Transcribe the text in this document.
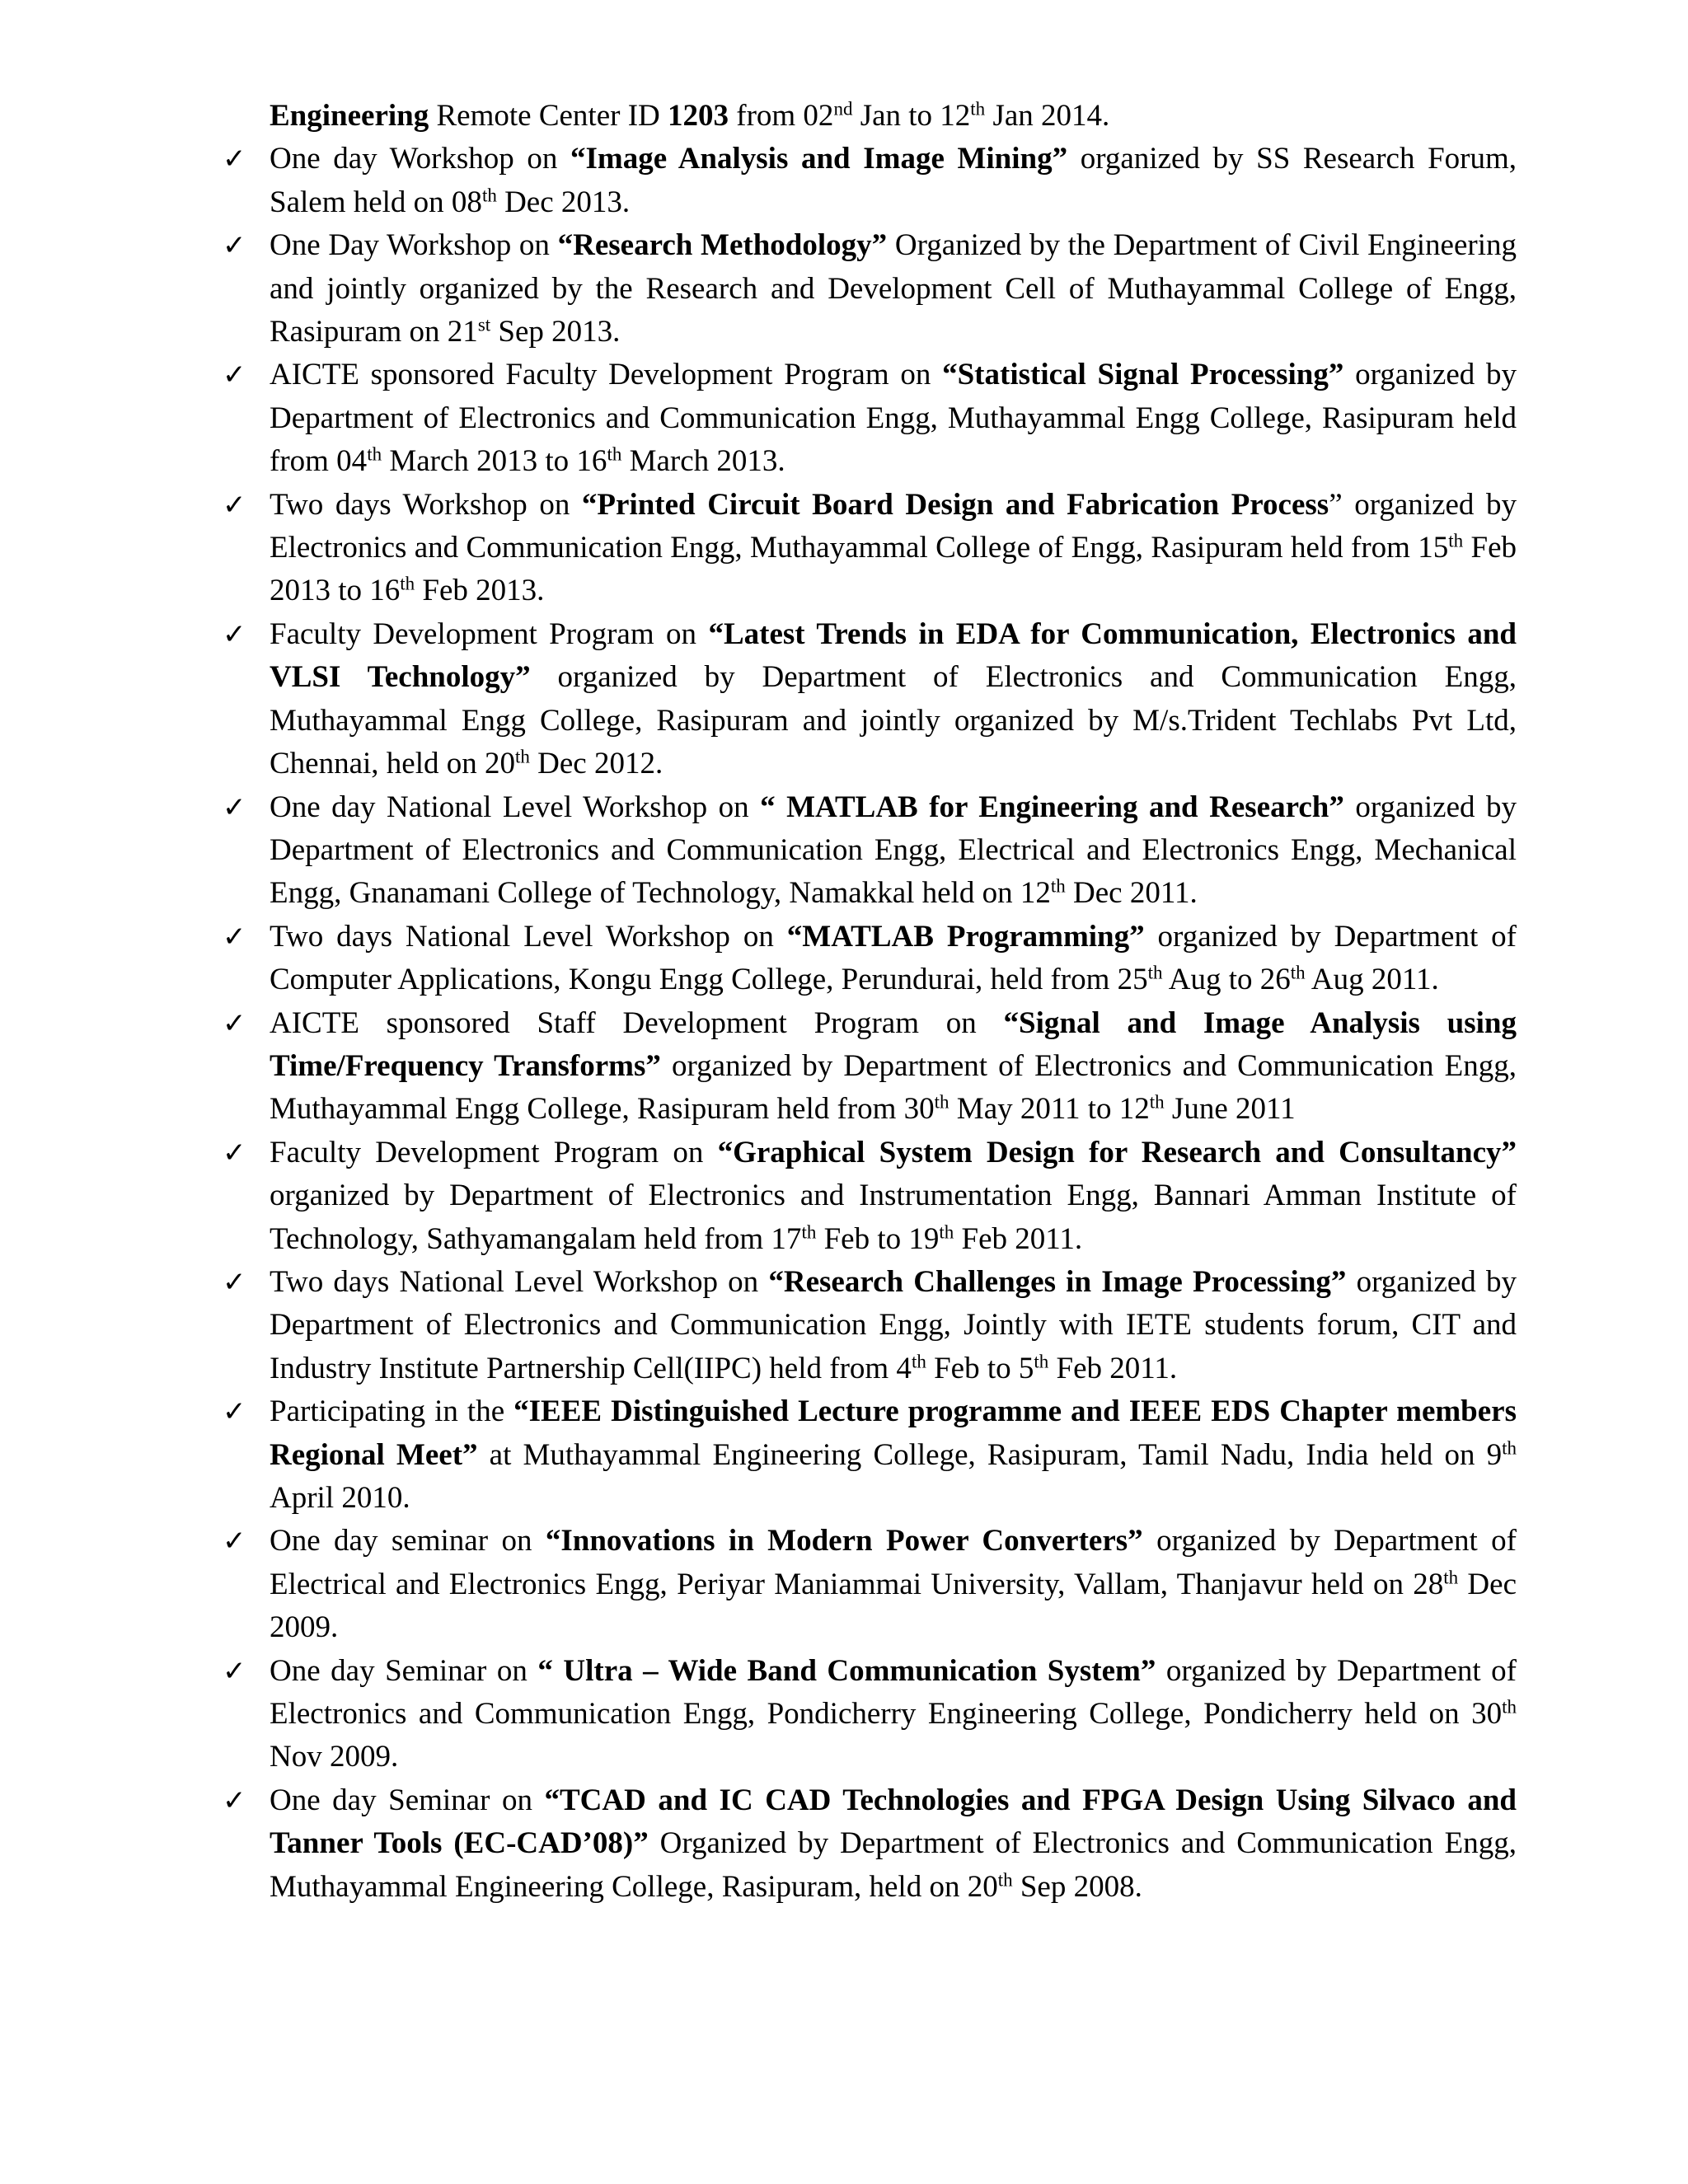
Engineering Remote Center ID 1203 from 02nd Jan to 12th Jan 2014.

✓ One day Workshop on “Image Analysis and Image Mining” organized by SS Research Forum, Salem held on 08th Dec 2013.

✓ One Day Workshop on “Research Methodology” Organized by the Department of Civil Engineering and jointly organized by the Research and Development Cell of Muthayammal College of Engg, Rasipuram on 21st Sep 2013.

✓ AICTE sponsored Faculty Development Program on “Statistical Signal Processing” organized by Department of Electronics and Communication Engg, Muthayammal Engg College, Rasipuram held from 04th March 2013 to 16th March 2013.

✓ Two days Workshop on “Printed Circuit Board Design and Fabrication Process” organized by Electronics and Communication Engg, Muthayammal College of Engg, Rasipuram held from 15th Feb 2013 to 16th Feb 2013.

✓ Faculty Development Program on “Latest Trends in EDA for Communication, Electronics and VLSI Technology” organized by Department of Electronics and Communication Engg, Muthayammal Engg College, Rasipuram and jointly organized by M/s.Trident Techlabs Pvt Ltd, Chennai, held on 20th Dec 2012.

✓ One day National Level Workshop on “ MATLAB for Engineering and Research” organized by Department of Electronics and Communication Engg, Electrical and Electronics Engg, Mechanical Engg, Gnanamani College of Technology, Namakkal held on 12th Dec 2011.

✓ Two days National Level Workshop on “MATLAB Programming” organized by Department of Computer Applications, Kongu Engg College, Perundurai, held from 25th Aug to 26th Aug 2011.

✓ AICTE sponsored Staff Development Program on “Signal and Image Analysis using Time/Frequency Transforms” organized by Department of Electronics and Communication Engg, Muthayammal Engg College, Rasipuram held from 30th May 2011 to 12th June 2011

✓ Faculty Development Program on “Graphical System Design for Research and Consultancy” organized by Department of Electronics and Instrumentation Engg, Bannari Amman Institute of Technology, Sathyamangalam held from 17th Feb to 19th Feb 2011.

✓ Two days National Level Workshop on “Research Challenges in Image Processing” organized by Department of Electronics and Communication Engg, Jointly with IETE students forum, CIT and Industry Institute Partnership Cell(IIPC) held from 4th Feb to 5th Feb 2011.

✓ Participating in the “IEEE Distinguished Lecture programme and IEEE EDS Chapter members Regional Meet” at Muthayammal Engineering College, Rasipuram, Tamil Nadu, India held on 9th April 2010.

✓ One day seminar on “Innovations in Modern Power Converters” organized by Department of Electrical and Electronics Engg, Periyar Maniammai University, Vallam, Thanjavur held on 28th Dec 2009.

✓ One day Seminar on “ Ultra – Wide Band Communication System” organized by Department of Electronics and Communication Engg, Pondicherry Engineering College, Pondicherry held on 30th Nov 2009.

✓ One day Seminar on “TCAD and IC CAD Technologies and FPGA Design Using Silvaco and Tanner Tools (EC-CAD’08)” Organized by Department of Electronics and Communication Engg, Muthayammal Engineering College, Rasipuram, held on 20th Sep 2008.
